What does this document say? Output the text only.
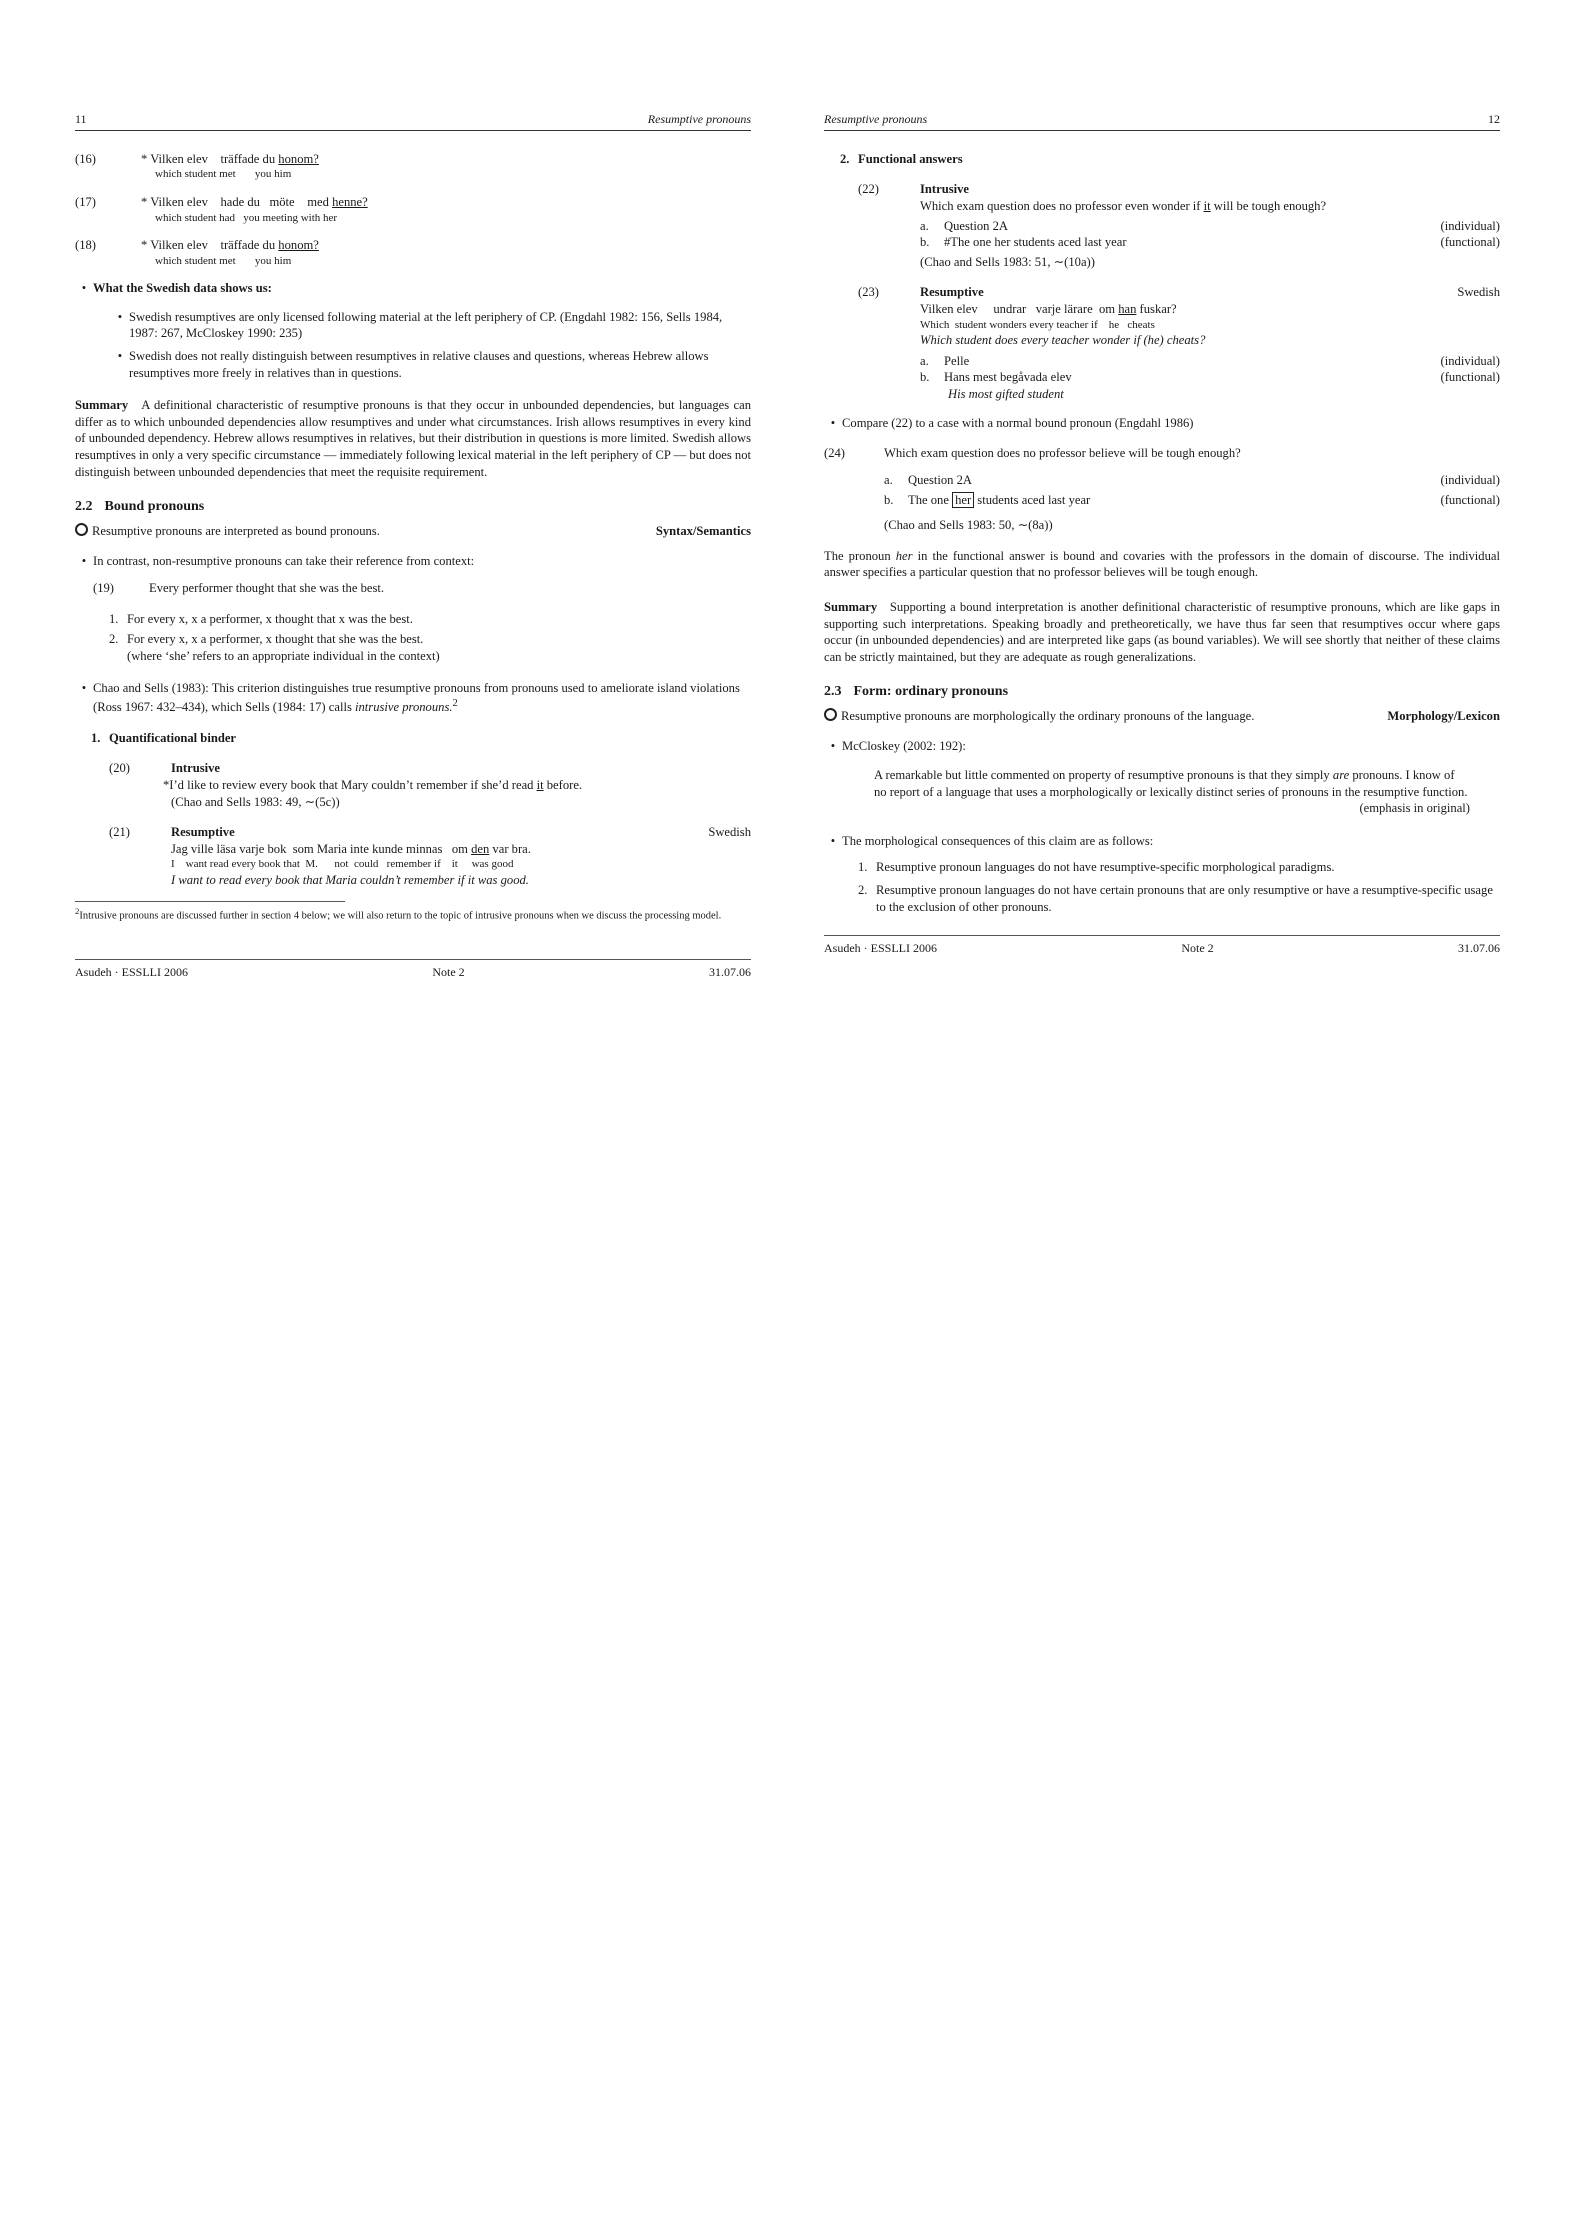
11	Resumptive pronouns
(16)	* Vilken elev träffade du honom?
which student met you him
(17)	* Vilken elev hade du möte med henne?
which student had you meeting with her
(18)	* Vilken elev träffade du honom?
which student met you him
• What the Swedish data shows us:
• Swedish resumptives are only licensed following material at the left periphery of CP. (Engdahl 1982: 156, Sells 1984, 1987: 267, McCloskey 1990: 235)
• Swedish does not really distinguish between resumptives in relative clauses and questions, whereas Hebrew allows resumptives more freely in relatives than in questions.

Summary A definitional characteristic of resumptive pronouns is that they occur in unbounded dependencies, but languages can differ as to which unbounded dependencies allow resumptives and under what circumstances. Irish allows resumptives in every kind of unbounded dependency. Hebrew allows resumptives in relatives, but their distribution in questions is more limited. Swedish allows resumptives in only a very specific circumstance — immediately following lexical material in the left periphery of CP — but does not distinguish between unbounded dependencies that meet the requisite requirement.

2.2 Bound pronouns
Resumptive pronouns are interpreted as bound pronouns.	Syntax/Semantics
• In contrast, non-resumptive pronouns can take their reference from context:
(19)	Every performer thought that she was the best.
1. For every x, x a performer, x thought that x was the best.
2. For every x, x a performer, x thought that she was the best.
(where ‘she’ refers to an appropriate individual in the context)
• Chao and Sells (1983): This criterion distinguishes true resumptive pronouns from pronouns used to ameliorate island violations (Ross 1967: 432–434), which Sells (1984: 17) calls intrusive pronouns.$^2$
1. Quantificational binder
(20)	Intrusive
*I’d like to review every book that Mary couldn’t remember if she’d read it before.
(Chao and Sells 1983: 49, ∼(5c))
(21)	Resumptive	Swedish
Jag ville läsa varje bok  som Maria inte kunde minnas   om den var bra.
I    want read every book that  M.      not  could   remember if    it     was good
I want to read every book that Maria couldn’t remember if it was good.

$^2$Intrusive pronouns are discussed further in section 4 below; we will also return to the topic of intrusive pronouns when we discuss the processing model.

Asudeh · ESSLLI 2006	Note 2	31.07.06
Resumptive pronouns	12
2. Functional answers
(22)	Intrusive
Which exam question does no professor even wonder if it will be tough enough?
a.	Question 2A	(individual)
b.	#The one her students aced last year	(functional)
(Chao and Sells 1983: 51, ∼(10a))
(23)	Resumptive	Swedish
Vilken elev     undrar   varje lärare  om han fuskar?
Which  student wonders every teacher if    he   cheats
Which student does every teacher wonder if (he) cheats?
a.	Pelle	(individual)
b.	Hans mest begåvada elev	(functional)
His most gifted student
• Compare (22) to a case with a normal bound pronoun (Engdahl 1986)
(24)	Which exam question does no professor believe will be tough enough?
a.	Question 2A	(individual)
b.	The one her students aced last year	(functional)
(Chao and Sells 1983: 50, ∼(8a))

The pronoun her in the functional answer is bound and covaries with the professors in the domain of discourse. The individual answer specifies a particular question that no professor believes will be tough enough.

Summary Supporting a bound interpretation is another definitional characteristic of resumptive pronouns, which are like gaps in supporting such interpretations. Speaking broadly and pretheoretically, we have thus far seen that resumptives occur where gaps occur (in unbounded dependencies) and are interpreted like gaps (as bound variables). We will see shortly that neither of these claims can be strictly maintained, but they are adequate as rough generalizations.

2.3 Form: ordinary pronouns
Resumptive pronouns are morphologically the ordinary pronouns of the language.	Morphology/Lexicon
• McCloskey (2002: 192):
A remarkable but little commented on property of resumptive pronouns is that they simply are pronouns. I know of no report of a language that uses a morphologically or lexically distinct series of pronouns in the resumptive function.
(emphasis in original)
• The morphological consequences of this claim are as follows:
1. Resumptive pronoun languages do not have resumptive-specific morphological paradigms.
2. Resumptive pronoun languages do not have certain pronouns that are only resumptive or have a resumptive-specific usage to the exclusion of other pronouns.
Asudeh · ESSLLI 2006	Note 2	31.07.06
